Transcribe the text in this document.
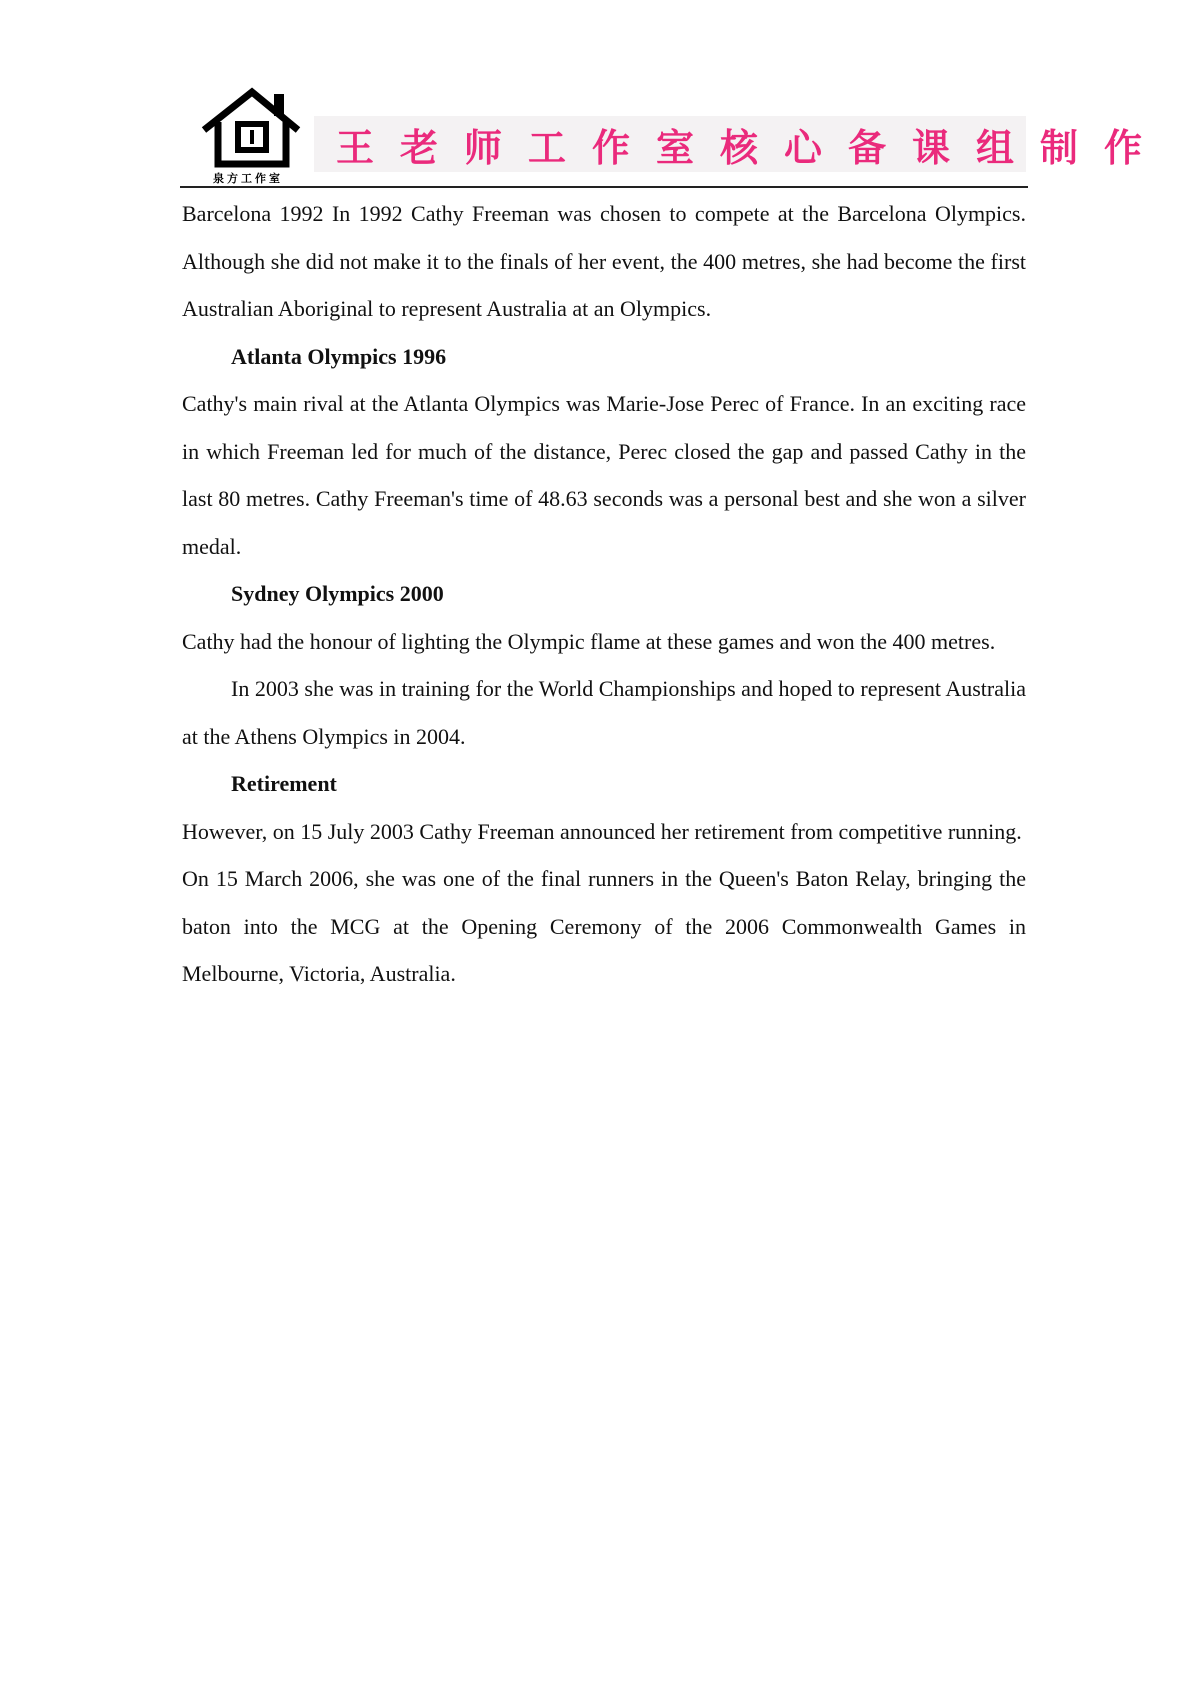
泉方工作室
王老师工作室核心备课组制作

Barcelona 1992 In 1992 Cathy Freeman was chosen to compete at the Barcelona Olympics. Although she did not make it to the finals of her event, the 400 metres, she had become the first Australian Aboriginal to represent Australia at an Olympics.

Atlanta Olympics 1996

Cathy's main rival at the Atlanta Olympics was Marie-Jose Perec of France. In an exciting race in which Freeman led for much of the distance, Perec closed the gap and passed Cathy in the last 80 metres. Cathy Freeman's time of 48.63 seconds was a personal best and she won a silver medal.

Sydney Olympics 2000

Cathy had the honour of lighting the Olympic flame at these games and won the 400 metres.

In 2003 she was in training for the World Championships and hoped to represent Australia at the Athens Olympics in 2004.

Retirement

However, on 15 July 2003 Cathy Freeman announced her retirement from competitive running.

On 15 March 2006, she was one of the final runners in the Queen's Baton Relay, bringing the baton into the MCG at the Opening Ceremony of the 2006 Commonwealth Games in Melbourne, Victoria, Australia.
